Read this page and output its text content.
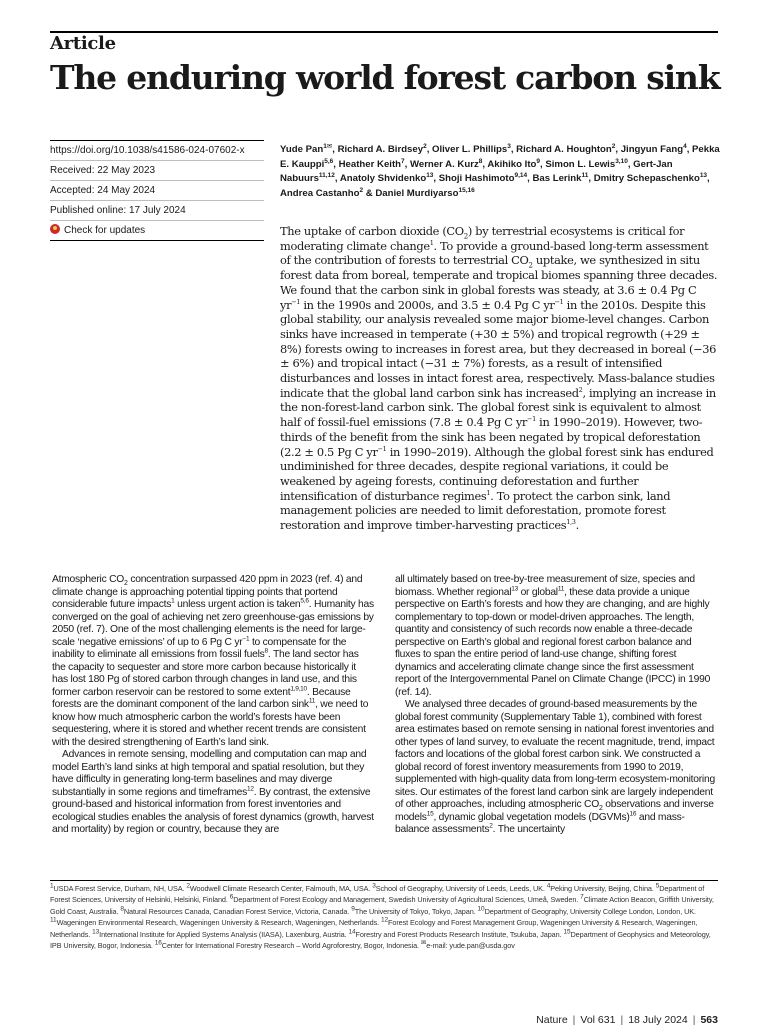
Article
The enduring world forest carbon sink
https://doi.org/10.1038/s41586-024-07602-x
Received: 22 May 2023
Accepted: 24 May 2024
Published online: 17 July 2024
Check for updates
Yude Pan$^{1✉}$, Richard A. Birdsey$^2$, Oliver L. Phillips$^3$, Richard A. Houghton$^2$, Jingyun Fang$^4$, Pekka E. Kauppi$^{5,6}$, Heather Keith$^7$, Werner A. Kurz$^8$, Akihiko Ito$^9$, Simon L. Lewis$^{3,10}$, Gert-Jan Nabuurs$^{11,12}$, Anatoly Shvidenko$^{13}$, Shoji Hashimoto$^{9,14}$, Bas Lerink$^{11}$, Dmitry Schepaschenko$^{13}$, Andrea Castanho$^2$ & Daniel Murdiyarso$^{15,16}$
The uptake of carbon dioxide $(CO_2)$ by terrestrial ecosystems is critical for moderating climate change$^1$. To provide a ground-based long-term assessment of the contribution of forests to terrestrial $CO_2$ uptake, we synthesized in situ forest data from boreal, temperate and tropical biomes spanning three decades. We found that the carbon sink in global forests was steady, at 3.6 ± 0.4 Pg C $yr^{-1}$ in the 1990s and 2000s, and 3.5 ± 0.4 Pg C $yr^{-1}$ in the 2010s. Despite this global stability, our analysis revealed some major biome-level changes. Carbon sinks have increased in temperate (+30 ± 5%) and tropical regrowth (+29 ± 8%) forests owing to increases in forest area, but they decreased in boreal (−36 ± 6%) and tropical intact (−31 ± 7%) forests, as a result of intensified disturbances and losses in intact forest area, respectively. Mass-balance studies indicate that the global land carbon sink has increased$^2$, implying an increase in the non-forest-land carbon sink. The global forest sink is equivalent to almost half of fossil-fuel emissions (7.8 ± 0.4 Pg C $yr^{-1}$ in 1990–2019). However, two-thirds of the benefit from the sink has been negated by tropical deforestation (2.2 ± 0.5 Pg C $yr^{-1}$ in 1990–2019). Although the global forest sink has endured undiminished for three decades, despite regional variations, it could be weakened by ageing forests, continuing deforestation and further intensification of disturbance regimes$^1$. To protect the carbon sink, land management policies are needed to limit deforestation, promote forest restoration and improve timber-harvesting practices$^{1,3}$.

Atmospheric $CO_2$ concentration surpassed 420 ppm in 2023 (ref. 4) and climate change is approaching potential tipping points that portend considerable future impacts$^1$ unless urgent action is taken$^{5,6}$. Humanity has converged on the goal of achieving net zero greenhouse-gas emissions by 2050 (ref. 7). One of the most challenging elements is the need for large-scale ‘negative emissions’ of up to 6 Pg C $yr^{-1}$ to compensate for the inability to eliminate all emissions from fossil fuels$^8$. The land sector has the capacity to sequester and store more carbon because historically it has lost 180 Pg of stored carbon through changes in land use, and this former carbon reservoir can be restored to some extent$^{1,9,10}$. Because forests are the dominant component of the land carbon sink$^{11}$, we need to know how much atmospheric carbon the world’s forests have been sequestering, where it is stored and whether recent trends are consistent with the desired strengthening of Earth’s land sink.

Advances in remote sensing, modelling and computation can map and model Earth’s land sinks at high temporal and spatial resolution, but they have difficulty in generating long-term baselines and may diverge substantially in some regions and timeframes$^{12}$. By contrast, the extensive ground-based and historical information from forest inventories and ecological studies enables the analysis of forest dynamics (growth, harvest and mortality) by region or country, because they are

all ultimately based on tree-by-tree measurement of size, species and biomass. Whether regional$^{13}$ or global$^{11}$, these data provide a unique perspective on Earth’s forests and how they are changing, and are highly complementary to top-down or model-driven approaches. The length, quantity and consistency of such records now enable a three-decade perspective on Earth’s global and regional forest carbon balance and fluxes to span the entire period of land-use change, shifting forest dynamics and accelerating climate change since the first assessment report of the Intergovernmental Panel on Climate Change (IPCC) in 1990 (ref. 14).

We analysed three decades of ground-based measurements by the global forest community (Supplementary Table 1), combined with forest area estimates based on remote sensing in national forest inventories and other types of land survey, to evaluate the recent magnitude, trend, impact factors and locations of the global forest carbon sink. We constructed a global record of forest inventory measurements from 1990 to 2019, supplemented with high-quality data from long-term ecosystem-monitoring sites. Our estimates of the forest land carbon sink are largely independent of other approaches, including atmospheric $CO_2$ observations and inverse models$^{15}$, dynamic global vegetation models (DGVMs)$^{16}$ and mass-balance assessments$^2$. The uncertainty

$^1$USDA Forest Service, Durham, NH, USA. $^2$Woodwell Climate Research Center, Falmouth, MA, USA. $^3$School of Geography, University of Leeds, Leeds, UK. $^4$Peking University, Beijing, China. $^5$Department of Forest Sciences, University of Helsinki, Helsinki, Finland. $^6$Department of Forest Ecology and Management, Swedish University of Agricultural Sciences, Umeå, Sweden. $^7$Climate Action Beacon, Griffith University, Gold Coast, Australia. $^8$Natural Resources Canada, Canadian Forest Service, Victoria, Canada. $^9$The University of Tokyo, Tokyo, Japan. $^{10}$Department of Geography, University College London, London, UK. $^{11}$Wageningen Environmental Research, Wageningen University & Research, Wageningen, Netherlands. $^{12}$Forest Ecology and Forest Management Group, Wageningen University & Research, Wageningen, Netherlands. $^{13}$International Institute for Applied Systems Analysis (IIASA), Laxenburg, Austria. $^{14}$Forestry and Forest Products Research Institute, Tsukuba, Japan. $^{15}$Department of Geophysics and Meteorology, IPB University, Bogor, Indonesia. $^{16}$Center for International Forestry Research – World Agroforestry, Bogor, Indonesia. ✉e-mail: yude.pan@usda.gov
Nature | Vol 631 | 18 July 2024 | 563
